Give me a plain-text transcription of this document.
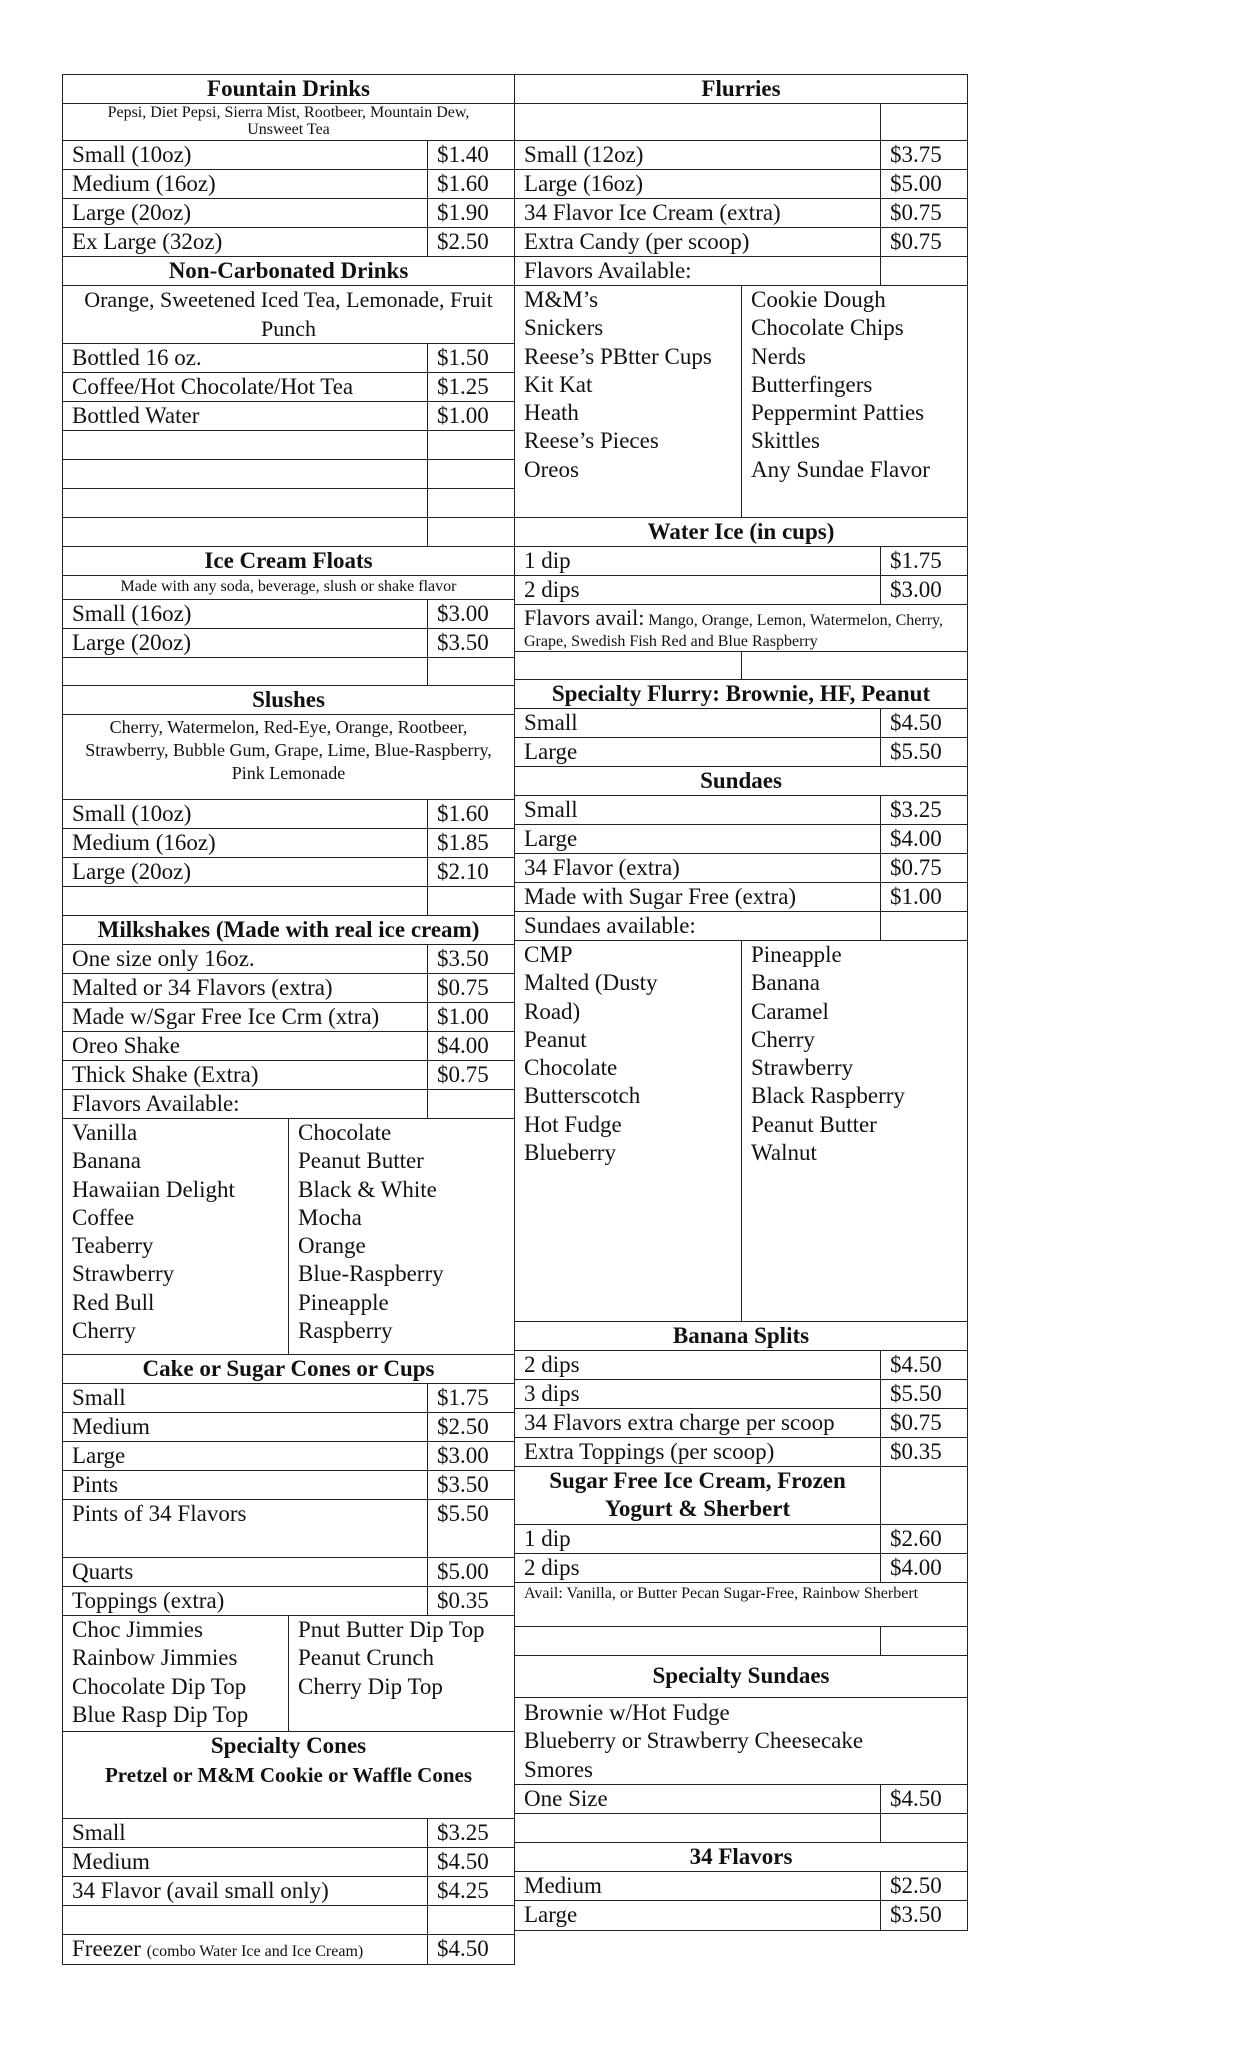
Fountain Drinks
Pepsi, Diet Pepsi, Sierra Mist, Rootbeer, Mountain Dew, Unsweet Tea
Small (10oz)	$1.40
Medium (16oz)	$1.60
Large (20oz)	$1.90
Ex Large (32oz)	$2.50
Non-Carbonated Drinks
Orange, Sweetened Iced Tea, Lemonade, Fruit Punch
Bottled 16 oz.	$1.50
Coffee/Hot Chocolate/Hot Tea	$1.25
Bottled Water	$1.00
Ice Cream Floats
Made with any soda, beverage, slush or shake flavor
Small (16oz)	$3.00
Large (20oz)	$3.50
Slushes
Cherry, Watermelon, Red-Eye, Orange, Rootbeer, Strawberry, Bubble Gum, Grape, Lime, Blue-Raspberry, Pink Lemonade
Small (10oz)	$1.60
Medium (16oz)	$1.85
Large (20oz)	$2.10
Milkshakes (Made with real ice cream)
One size only 16oz.	$3.50
Malted or 34 Flavors (extra)	$0.75
Made w/Sgar Free Ice Crm (xtra)	$1.00
Oreo Shake	$4.00
Thick Shake (Extra)	$0.75
Flavors Available:
Vanilla
Banana
Hawaiian Delight
Coffee
Teaberry
Strawberry
Red Bull
Cherry
Chocolate
Peanut Butter
Black & White
Mocha
Orange
Blue-Raspberry
Pineapple
Raspberry
Cake or Sugar Cones or Cups
Small	$1.75
Medium	$2.50
Large	$3.00
Pints	$3.50
Pints of 34 Flavors	$5.50
Quarts	$5.00
Toppings (extra)	$0.35
Choc Jimmies
Rainbow Jimmies
Chocolate Dip Top
Blue Rasp Dip Top
Pnut Butter Dip Top
Peanut Crunch
Cherry Dip Top
Specialty Cones
Pretzel or M&M Cookie or Waffle Cones
Small	$3.25
Medium	$4.50
34 Flavor (avail small only)	$4.25
Freezer (combo Water Ice and Ice Cream)	$4.50
Flurries
Small (12oz)	$3.75
Large (16oz)	$5.00
34 Flavor Ice Cream (extra)	$0.75
Extra Candy (per scoop)	$0.75
Flavors Available:
M&M’s
Snickers
Reese’s PBtter Cups
Kit Kat
Heath
Reese’s Pieces
Oreos
Cookie Dough
Chocolate Chips
Nerds
Butterfingers
Peppermint Patties
Skittles
Any Sundae Flavor
Water Ice (in cups)
1 dip	$1.75
2 dips	$3.00
Flavors avail: Mango, Orange, Lemon, Watermelon, Cherry, Grape, Swedish Fish Red and Blue Raspberry
Specialty Flurry: Brownie, HF, Peanut
Small	$4.50
Large	$5.50
Sundaes
Small	$3.25
Large	$4.00
34 Flavor (extra)	$0.75
Made with Sugar Free (extra)	$1.00
Sundaes available:
CMP
Malted (Dusty
Road)
Peanut
Chocolate
Butterscotch
Hot Fudge
Blueberry
Pineapple
Banana
Caramel
Cherry
Strawberry
Black Raspberry
Peanut Butter
Walnut
Banana Splits
2 dips	$4.50
3 dips	$5.50
34 Flavors extra charge per scoop	$0.75
Extra Toppings (per scoop)	$0.35
Sugar Free Ice Cream, Frozen Yogurt & Sherbert
1 dip	$2.60
2 dips	$4.00
Avail: Vanilla, or Butter Pecan Sugar-Free, Rainbow Sherbert
Specialty Sundaes
Brownie w/Hot Fudge
Blueberry or Strawberry Cheesecake
Smores
One Size	$4.50
34 Flavors
Medium	$2.50
Large	$3.50
